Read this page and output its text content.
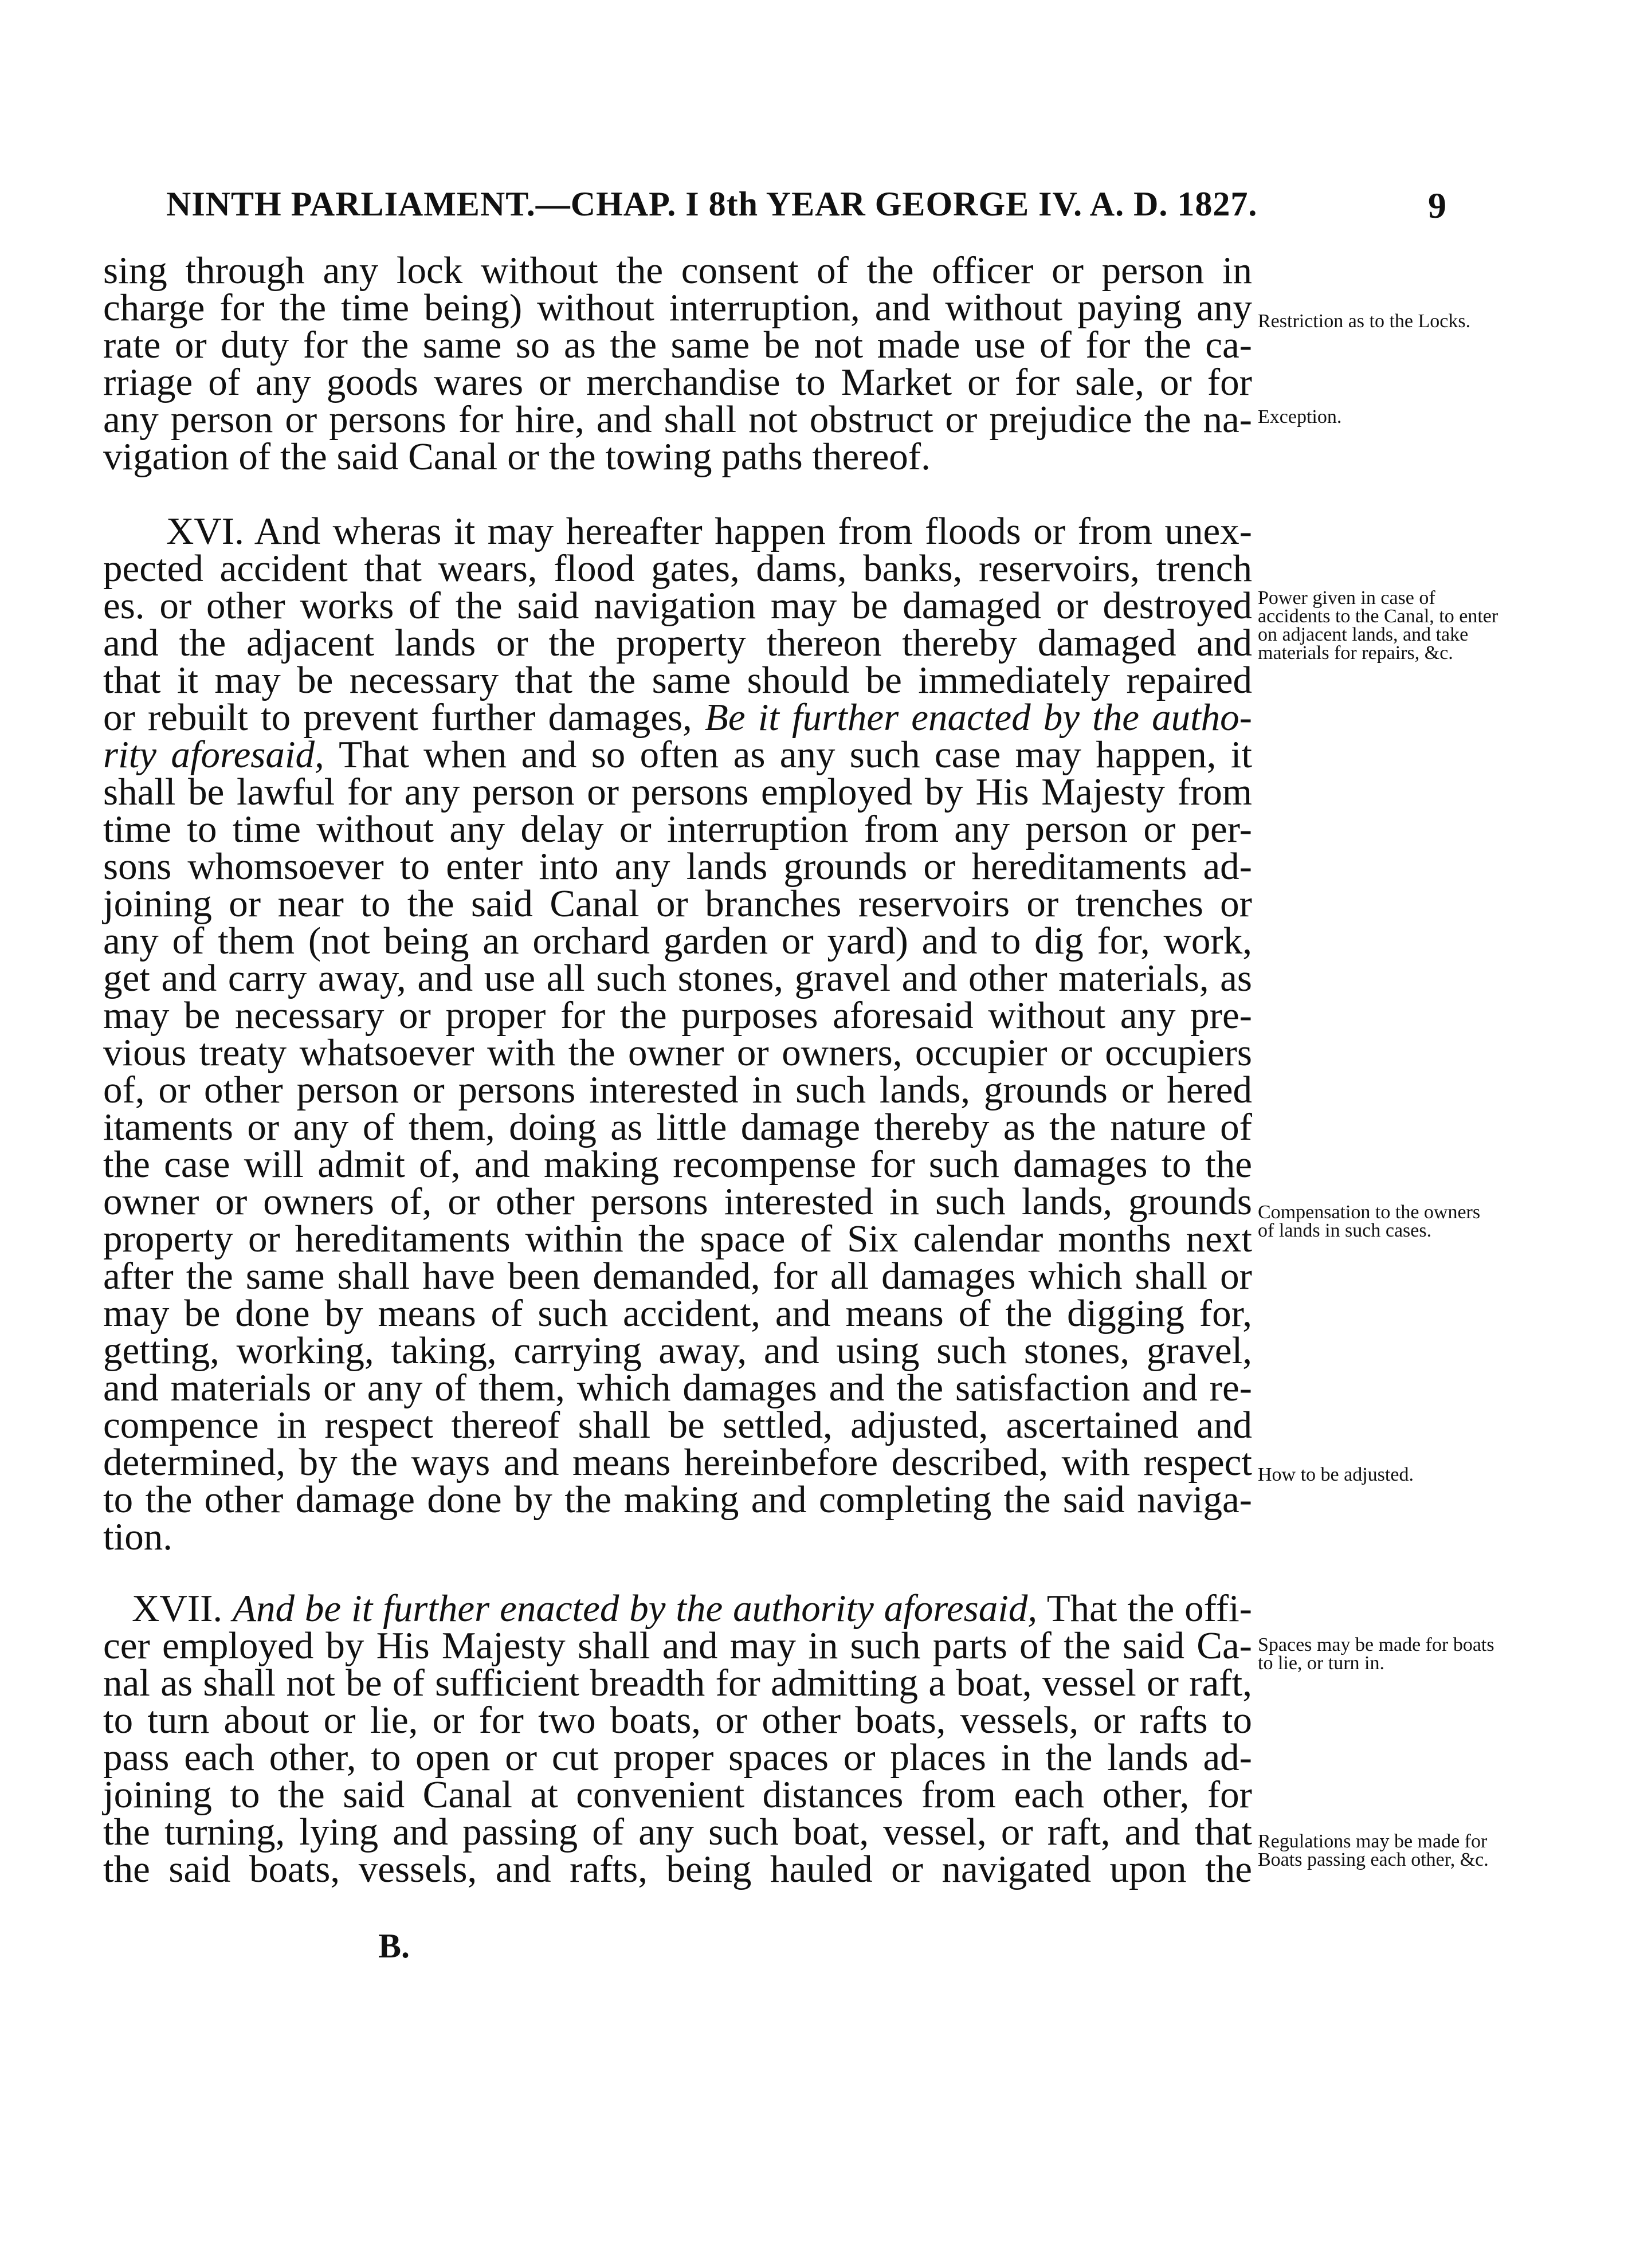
NINTH PARLIAMENT.—CHAP. I 8th YEAR GEORGE IV. A. D. 1827.	9
sing through any lock without the consent of the officer or person in
charge for the time being) without interruption, and without paying any
rate or duty for the same so as the same be not made use of for the ca-
rriage of any goods wares or merchandise to Market or for sale, or for
any person or persons for hire, and shall not obstruct or prejudice the na-
vigation of the said Canal or the towing paths thereof.
XVI. And wheras it may hereafter happen from floods or from unex-
pected accident that wears, flood gates, dams, banks, reservoirs, trench
es. or other works of the said navigation may be damaged or destroyed
and the adjacent lands or the property thereon thereby damaged and
that it may be necessary that the same should be immediately repaired
or rebuilt to prevent further damages, Be it further enacted by the autho-
rity aforesaid, That when and so often as any such case may happen, it
shall be lawful for any person or persons employed by His Majesty from
time to time without any delay or interruption from any person or per-
sons whomsoever to enter into any lands grounds or hereditaments ad-
joining or near to the said Canal or branches reservoirs or trenches or
any of them (not being an orchard garden or yard) and to dig for, work,
get and carry away, and use all such stones, gravel and other materials, as
may be necessary or proper for the purposes aforesaid without any pre-
vious treaty whatsoever with the owner or owners, occupier or occupiers
of, or other person or persons interested in such lands, grounds or hered
itaments or any of them, doing as little damage thereby as the nature of
the case will admit of, and making recompense for such damages to the
owner or owners of, or other persons interested in such lands, grounds
property or hereditaments within the space of Six calendar months next
after the same shall have been demanded, for all damages which shall or
may be done by means of such accident, and means of the digging for,
getting, working, taking, carrying away, and using such stones, gravel,
and materials or any of them, which damages and the satisfaction and re-
compence in respect thereof shall be settled, adjusted, ascertained and
determined, by the ways and means hereinbefore described, with respect
to the other damage done by the making and completing the said naviga-
tion.
XVII. And be it further enacted by the authority aforesaid, That the offi-
cer employed by His Majesty shall and may in such parts of the said Ca-
nal as shall not be of sufficient breadth for admitting a boat, vessel or raft,
to turn about or lie, or for two boats, or other boats, vessels, or rafts to
pass each other, to open or cut proper spaces or places in the lands ad-
joining to the said Canal at convenient distances from each other, for
the turning, lying and passing of any such boat, vessel, or raft, and that
the said boats, vessels, and rafts, being hauled or navigated upon the
Restriction as to the Locks.
Exception.
Power given in case of accidents to the Canal, to enter on adjacent lands, and take materials for repairs, &c.
Compensation to the owners of lands in such cases.
How to be adjusted.
Spaces may be made for boats to lie, or turn in.
Regulations may be made for Boats passing each other, &c.
B.
